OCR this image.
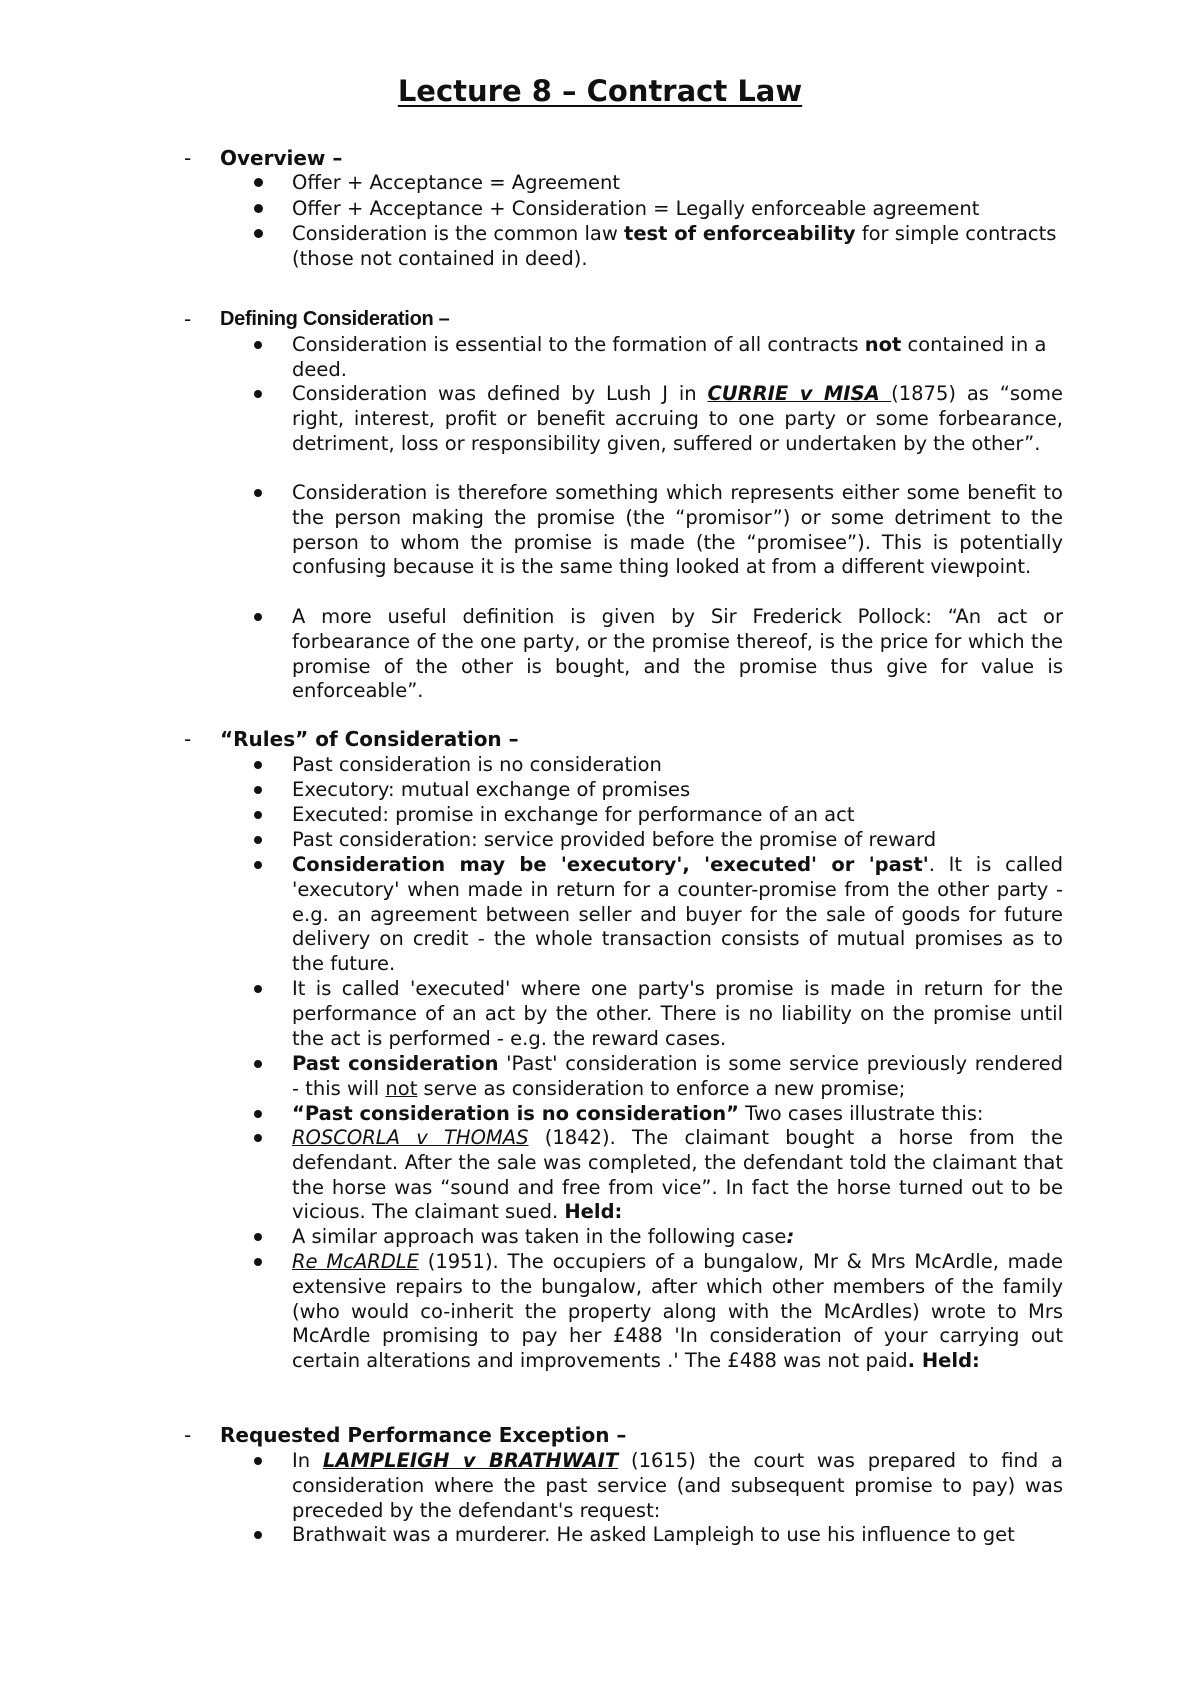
Lecture 8 – Contract Law
- Overview –
Offer + Acceptance = Agreement
Offer + Acceptance + Consideration = Legally enforceable agreement
Consideration is the common law test of enforceability for simple contracts (those not contained in deed).
- Defining Consideration –
Consideration is essential to the formation of all contracts not contained in a deed.
Consideration was defined by Lush J in CURRIE v MISA (1875) as “some right, interest, profit or benefit accruing to one party or some forbearance, detriment, loss or responsibility given, suffered or undertaken by the other”.
Consideration is therefore something which represents either some benefit to the person making the promise (the “promisor”) or some detriment to the person to whom the promise is made (the “promisee”). This is potentially confusing because it is the same thing looked at from a different viewpoint.
A more useful definition is given by Sir Frederick Pollock: “An act or forbearance of the one party, or the promise thereof, is the price for which the promise of the other is bought, and the promise thus give for value is enforceable”.
- “Rules” of Consideration –
Past consideration is no consideration
Executory: mutual exchange of promises
Executed: promise in exchange for performance of an act
Past consideration: service provided before the promise of reward
Consideration may be 'executory', 'executed' or 'past'. It is called 'executory' when made in return for a counter-promise from the other party - e.g. an agreement between seller and buyer for the sale of goods for future delivery on credit - the whole transaction consists of mutual promises as to the future.
It is called 'executed' where one party's promise is made in return for the performance of an act by the other. There is no liability on the promise until the act is performed - e.g. the reward cases.
Past consideration 'Past' consideration is some service previously rendered - this will not serve as consideration to enforce a new promise;
“Past consideration is no consideration” Two cases illustrate this:
ROSCORLA v THOMAS (1842). The claimant bought a horse from the defendant. After the sale was completed, the defendant told the claimant that the horse was “sound and free from vice”. In fact the horse turned out to be vicious. The claimant sued. Held:
A similar approach was taken in the following case:
Re McARDLE (1951). The occupiers of a bungalow, Mr & Mrs McArdle, made extensive repairs to the bungalow, after which other members of the family (who would co-inherit the property along with the McArdles) wrote to Mrs McArdle promising to pay her £488 'In consideration of your carrying out certain alterations and improvements .' The £488 was not paid. Held:
- Requested Performance Exception –
In LAMPLEIGH v BRATHWAIT (1615) the court was prepared to find a consideration where the past service (and subsequent promise to pay) was preceded by the defendant's request:
Brathwait was a murderer. He asked Lampleigh to use his influence to get
